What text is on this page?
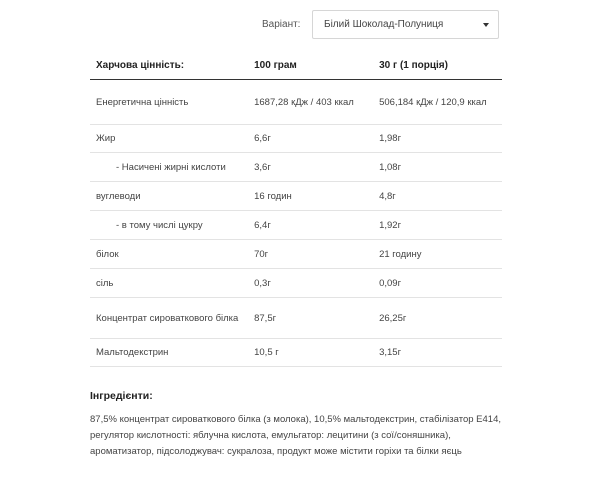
Варіант: Білий Шоколад-Полуниця
Харчова цінність:	100 грам	30 г (1 порція)
Енергетична цінність	1687,28 кДж / 403 ккал	506,184 кДж / 120,9 ккал
Жир	6,6г	1,98г
- Насичені жирні кислоти	3,6г	1,08г
вуглеводи	16 годин	4,8г
- в тому числі цукру	6,4г	1,92г
білок	70г	21 годину
сіль	0,3г	0,09г
Концентрат сироваткового білка	87,5г	26,25г
Мальтодекстрин	10,5 г	3,15г
Інгредієнти:
87,5% концентрат сироваткового білка (з молока), 10,5% мальтодекстрин, стабілізатор Е414, регулятор кислотності: яблучна кислота, емульгатор: лецитини (з сої/соняшника), ароматизатор, підсолоджувач: сукралоза, продукт може містити горіхи та білки яєць
